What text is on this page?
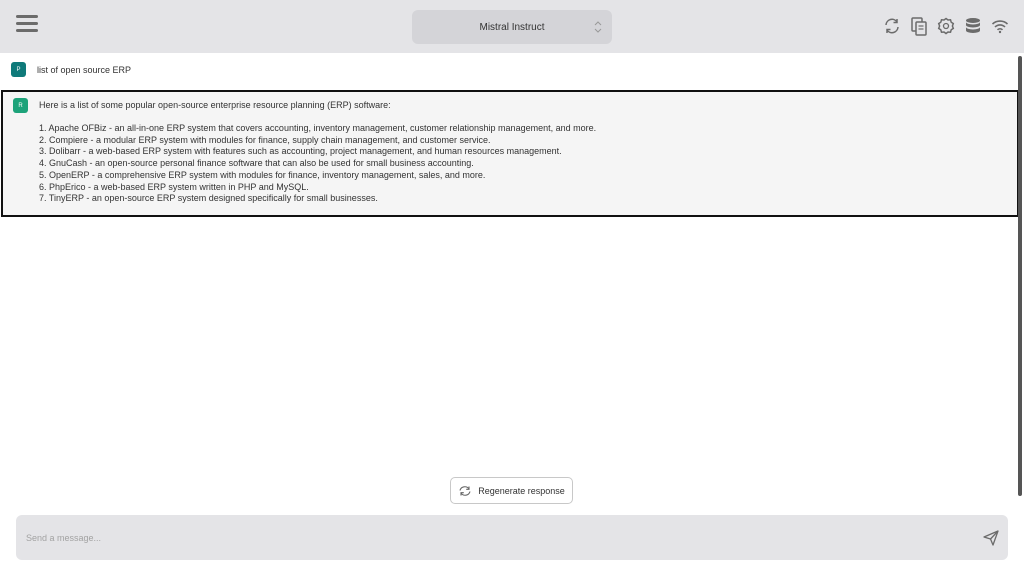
Mistral Instruct
P	list of open source ERP
R	Here is a list of some popular open-source enterprise resource planning (ERP) software:
1. Apache OFBiz - an all-in-one ERP system that covers accounting, inventory management, customer relationship management, and more.
2. Compiere - a modular ERP system with modules for finance, supply chain management, and customer service.
3. Dolibarr - a web-based ERP system with features such as accounting, project management, and human resources management.
4. GnuCash - an open-source personal finance software that can also be used for small business accounting.
5. OpenERP - a comprehensive ERP system with modules for finance, inventory management, sales, and more.
6. PhpErico - a web-based ERP system written in PHP and MySQL.
7. TinyERP - an open-source ERP system designed specifically for small businesses.
Regenerate response
Send a message...
